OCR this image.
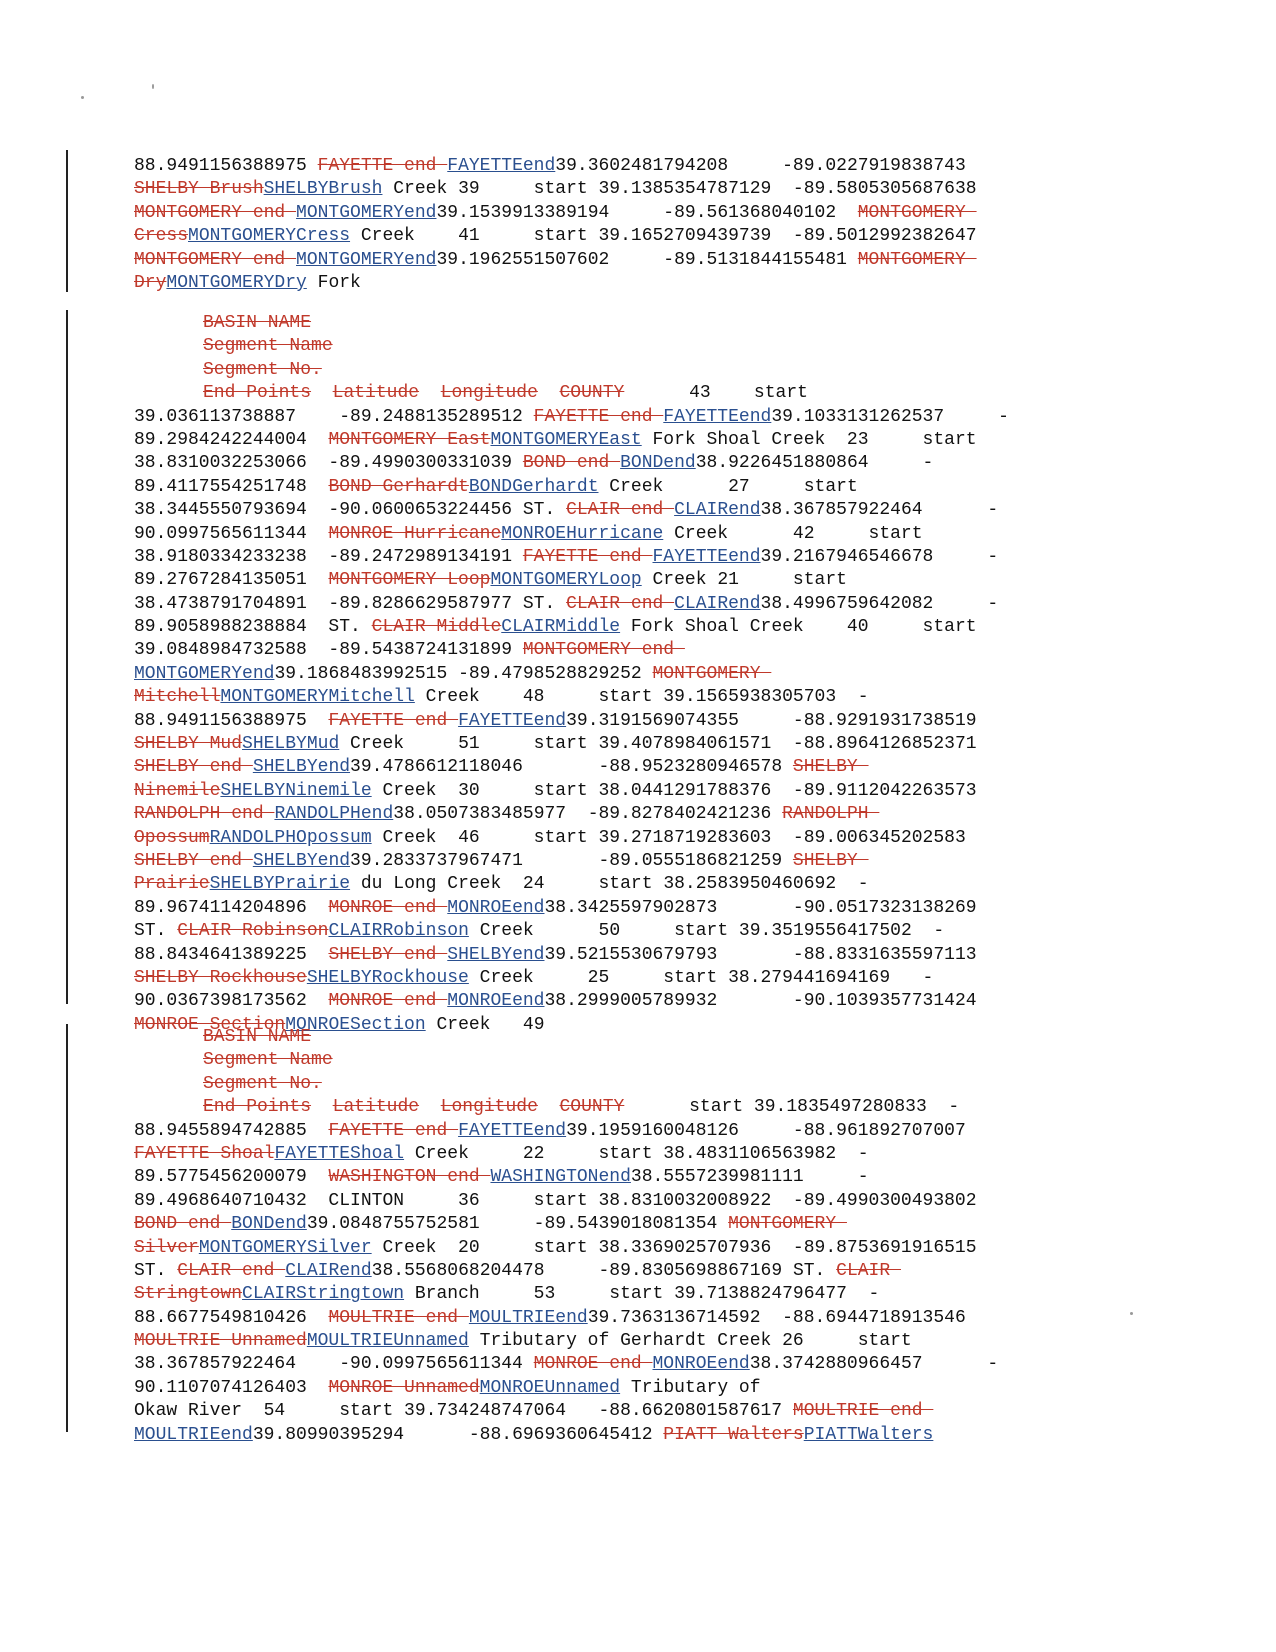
88.9491156388975 FAYETTE end FAYETTEend39.3602481794208     -89.0227919838743
SHELBY BrushSHELBYBrush Creek 39     start 39.1385354787129  -89.5805305687638
MONTGOMERY end MONTGOMERYend39.1539913389194     -89.561368040102  MONTGOMERY
CressMONTGOMERYCress Creek    41     start 39.1652709439739  -89.5012992382647
MONTGOMERY end MONTGOMERYend39.1962551507602     -89.5131844155481 MONTGOMERY
DryMONTGOMERYDry Fork
BASIN NAME
Segment Name
Segment No.
End Points Latitude Longitude COUNTY	43    start
39.036113738887    -89.2488135289512 FAYETTE end FAYETTEend39.1033131262537     -
89.2984242244004  MONTGOMERY EastMONTGOMERYEast Fork Shoal Creek  23     start
38.8310032253066  -89.4990300331039 BOND end BONDend38.9226451880864     -
89.4117554251748  BOND GerhardtBONDGerhardt Creek      27     start
38.3445550793694  -90.0600653224456 ST. CLAIR end CLAIRend38.367857922464      -
90.0997565611344  MONROE HurricaneMONROEHurricane Creek      42     start
38.9180334233238  -89.2472989134191 FAYETTE end FAYETTEend39.2167946546678     -
89.2767284135051  MONTGOMERY LoopMONTGOMERYLoop Creek 21     start
38.4738791704891  -89.8286629587977 ST. CLAIR end CLAIRend38.4996759642082     -
89.9058988238884  ST. CLAIR MiddleCLAIRMiddle Fork Shoal Creek    40     start
39.0848984732588  -89.5438724131899 MONTGOMERY end
MONTGOMERYend39.1868483992515 -89.4798528829252 MONTGOMERY
MitchellMONTGOMERYMitchell Creek    48     start 39.1565938305703  -
88.9491156388975  FAYETTE end FAYETTEend39.3191569074355     -88.9291931738519
SHELBY MudSHELBYMud Creek     51     start 39.4078984061571  -88.8964126852371
SHELBY end SHELBYend39.4786612118046       -88.9523280946578 SHELBY
NinemileSHELBYNinemile Creek  30     start 38.0441291788376  -89.9112042263573
RANDOLPH end RANDOLPHend38.0507383485977  -89.8278402421236 RANDOLPH
OpossumRANDOLPHOpossum Creek  46     start 39.2718719283603  -89.006345202583
SHELBY end SHELBYend39.2833737967471       -89.0555186821259 SHELBY
PrairieSHELBYPrairie du Long Creek  24     start 38.2583950460692  -
89.9674114204896  MONROE end MONROEend38.3425597902873       -90.0517323138269
ST. CLAIR RobinsonCLAIRRobinson Creek      50     start 39.3519556417502  -
88.8434641389225  SHELBY end SHELBYend39.5215530679793       -88.8331635597113
SHELBY RockhouseSHELBYRockhouse Creek     25     start 38.279441694169   -
90.0367398173562  MONROE end MONROEend38.2999005789932       -90.1039357731424
MONROE SectionMONROESection Creek   49
BASIN NAME
Segment Name
Segment No.
End Points Latitude Longitude COUNTY	start 39.1835497280833  -
88.9455894742885  FAYETTE end FAYETTEend39.1959160048126     -88.961892707007
FAYETTE ShoalFAYETTEShoal Creek     22     start 38.4831106563982  -
89.5775456200079  WASHINGTON end WASHINGTONend38.5557239981111     -
89.4968640710432  CLINTON     36     start 38.8310032008922  -89.4990300493802
BOND end BONDend39.0848755752581     -89.5439018081354 MONTGOMERY
SilverMONTGOMERYSilver Creek  20     start 38.3369025707936  -89.8753691916515
ST. CLAIR end CLAIRend38.5568068204478     -89.8305698867169 ST. CLAIR
StringtownCLAIRStringtown Branch     53     start 39.7138824796477  -
88.6677549810426  MOULTRIE end MOULTRIEend39.7363136714592  -88.6944718913546
MOULTRIE UnnamedMOULTRIEUnnamed Tributary of Gerhardt Creek 26     start
38.367857922464    -90.0997565611344 MONROE end MONROEend38.3742880966457      -
90.1107074126403  MONROE UnnamedMONROEUnnamed Tributary of
Okaw River  54     start 39.734248747064   -88.6620801587617 MOULTRIE end
MOULTRIEend39.80990395294      -88.6969360645412 PIATT WaltersPIATTWalters
